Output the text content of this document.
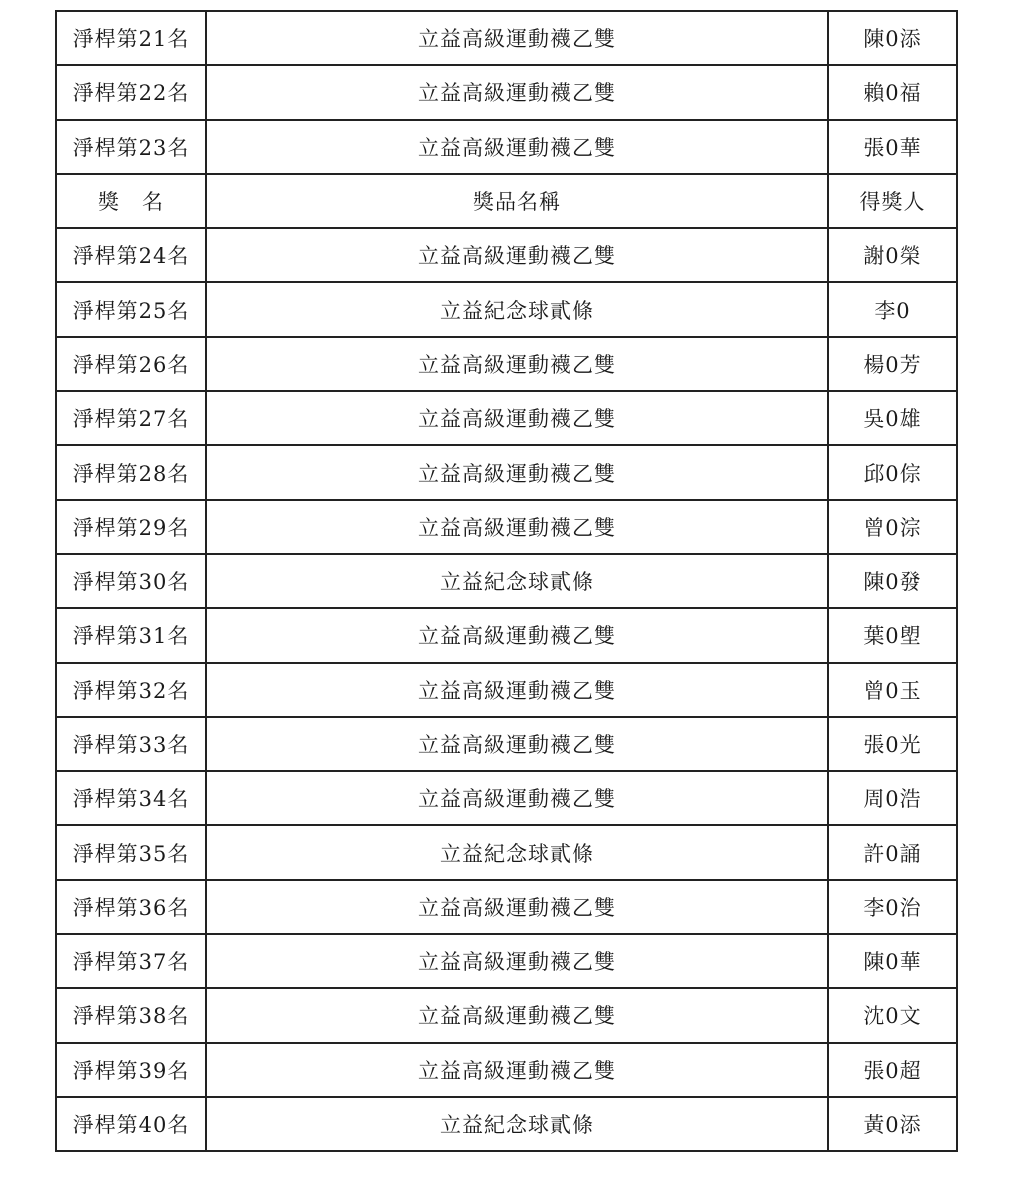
淨桿第21名	立益高級運動襪乙雙	陳0添
淨桿第22名	立益高級運動襪乙雙	賴0福
淨桿第23名	立益高級運動襪乙雙	張0華
獎　名	獎品名稱	得獎人
淨桿第24名	立益高級運動襪乙雙	謝0榮
淨桿第25名	立益紀念球貳條	李0
淨桿第26名	立益高級運動襪乙雙	楊0芳
淨桿第27名	立益高級運動襪乙雙	吳0雄
淨桿第28名	立益高級運動襪乙雙	邱0倧
淨桿第29名	立益高級運動襪乙雙	曾0淙
淨桿第30名	立益紀念球貳條	陳0發
淨桿第31名	立益高級運動襪乙雙	葉0塱
淨桿第32名	立益高級運動襪乙雙	曾0玉
淨桿第33名	立益高級運動襪乙雙	張0光
淨桿第34名	立益高級運動襪乙雙	周0浩
淨桿第35名	立益紀念球貳條	許0誦
淨桿第36名	立益高級運動襪乙雙	李0治
淨桿第37名	立益高級運動襪乙雙	陳0華
淨桿第38名	立益高級運動襪乙雙	沈0文
淨桿第39名	立益高級運動襪乙雙	張0超
淨桿第40名	立益紀念球貳條	黃0添
